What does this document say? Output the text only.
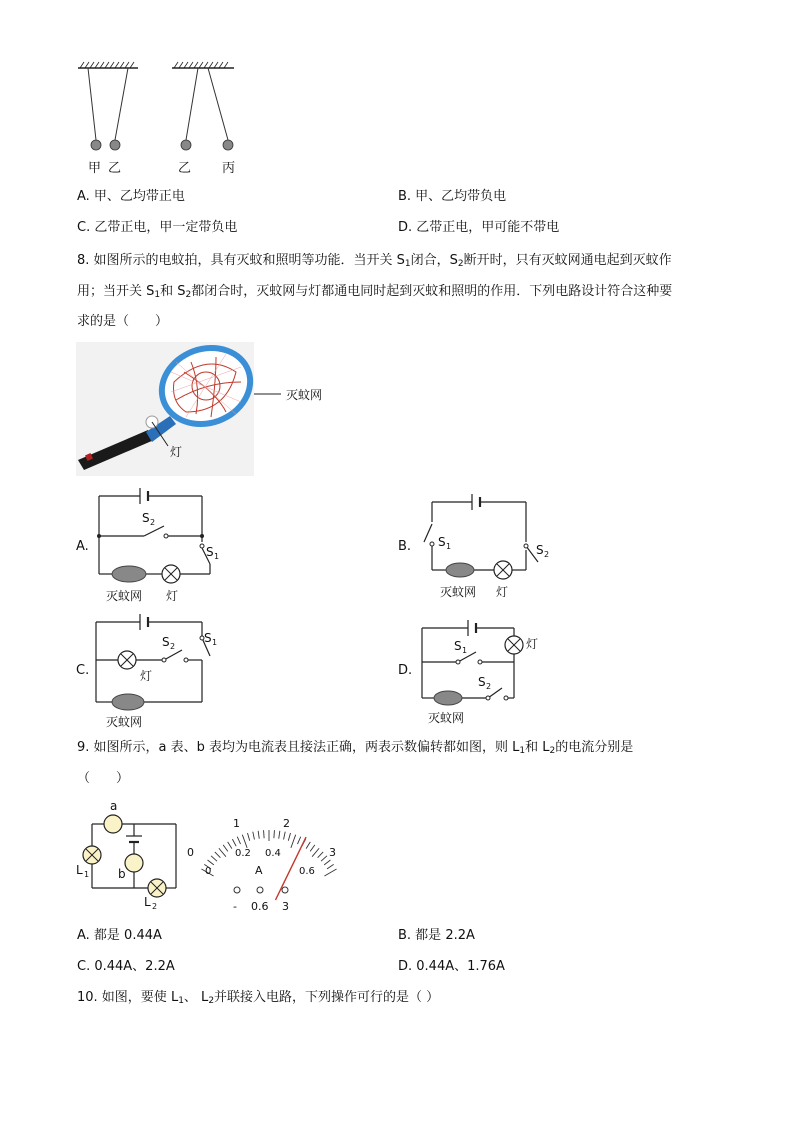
甲 乙	乙 丙
A. 甲、乙均带正电	B. 甲、乙均带负电
C. 乙带正电，甲一定带负电	D. 乙带正电，甲可能不带电
8. 如图所示的电蚊拍，具有灭蚊和照明等功能．当开关 $S_1$闭合，$S_2$断开时，只有灭蚊网通电起到灭蚊作
用；当开关 $S_1$和 $S_2$都闭合时，灭蚊网与灯都通电同时起到灭蚊和照明的作用．下列电路设计符合这种要
求的是（　　）
灭蚊网
灯
A.
S 2
S 1
灭蚊网 灯
B. S 1	S 2
灭蚊网 灯
C.
S 2
S 1
灯
灭蚊网
D.
S 1	灯
S 2
灭蚊网
9. 如图所示，a 表、b 表均为电流表且接法正确，两表示数偏转都如图，则 $L_1$和 $L_2$的电流分别是
（　　）
a
b
L 1
L 2
0
1	2
3
0
0.2 0.4
0.6
A
- 0.6 3
A. 都是 0.44A	B. 都是 2.2A
C. 0.44A、2.2A	D. 0.44A、1.76A
10. 如图，要使 $L_1$、 $L_2$并联接入电路，下列操作可行的是（ ）
